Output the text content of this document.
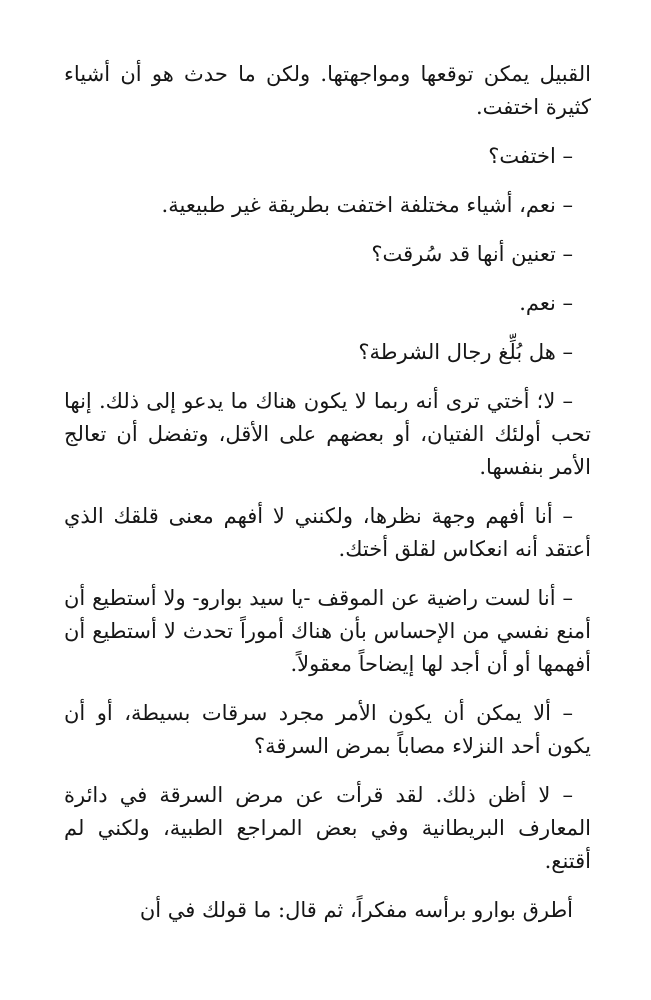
القبيل يمكن توقعها ومواجهتها. ولكن ما حدث هو أن أشياء كثيرة اختفت.

– اختفت؟

– نعم، أشياء مختلفة اختفت بطريقة غير طبيعية.

– تعنين أنها قد سُرقت؟

– نعم.

– هل بُلِّغ رجال الشرطة؟

– لا؛ أختي ترى أنه ربما لا يكون هناك ما يدعو إلى ذلك. إنها تحب أولئك الفتيان، أو بعضهم على الأقل، وتفضل أن تعالج الأمر بنفسها.

– أنا أفهم وجهة نظرها، ولكنني لا أفهم معنى قلقك الذي أعتقد أنه انعكاس لقلق أختك.

– أنا لست راضية عن الموقف -يا سيد بوارو- ولا أستطيع أن أمنع نفسي من الإحساس بأن هناك أموراً تحدث لا أستطيع أن أفهمها أو أن أجد لها إيضاحاً معقولاً.

– ألا يمكن أن يكون الأمر مجرد سرقات بسيطة، أو أن يكون أحد النزلاء مصاباً بمرض السرقة؟

– لا أظن ذلك. لقد قرأت عن مرض السرقة في دائرة المعارف البريطانية وفي بعض المراجع الطبية، ولكني لم أقتنع.

أطرق بوارو برأسه مفكراً، ثم قال: ما قولك في أن
